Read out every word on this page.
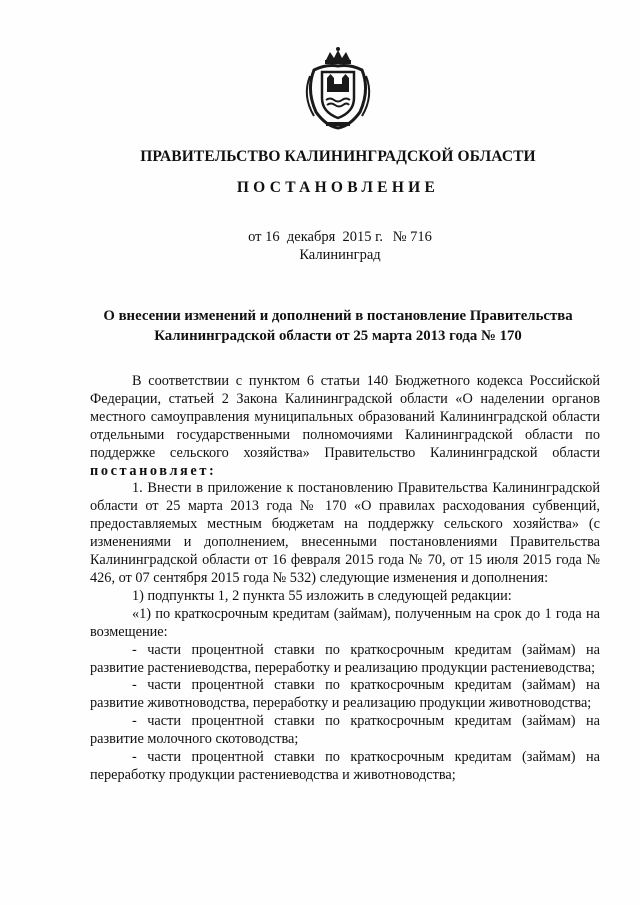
ПРАВИТЕЛЬСТВО КАЛИНИНГРАДСКОЙ ОБЛАСТИ
ПОСТАНОВЛЕНИЕ
от 16  декабря  2015 г. № 716
Калининград
О внесении изменений и дополнений в постановление Правительства
Калининградской области от 25 марта 2013 года № 170

В соответствии с пунктом 6 статьи 140 Бюджетного кодекса Российской Федерации, статьей 2 Закона Калининградской области «О наделении органов местного самоуправления муниципальных образований Калининградской области отдельными государственными полномочиями Калининградской области по поддержке сельского хозяйства» Правительство Калининградской области постановляет:

1. Внести в приложение к постановлению Правительства Калининградской области от 25 марта 2013 года № 170 «О правилах расходования субвенций, предоставляемых местным бюджетам на поддержку сельского хозяйства» (с изменениями и дополнением, внесенными постановлениями Правительства Калининградской области от 16 февраля 2015 года № 70, от 15 июля 2015 года № 426, от 07 сентября 2015 года № 532) следующие изменения и дополнения:

1) подпункты 1, 2 пункта 55 изложить в следующей редакции:

«1) по краткосрочным кредитам (займам), полученным на срок до 1 года на возмещение:

- части процентной ставки по краткосрочным кредитам (займам) на развитие растениеводства, переработку и реализацию продукции растениеводства;

- части процентной ставки по краткосрочным кредитам (займам) на развитие животноводства, переработку и реализацию продукции животноводства;

- части процентной ставки по краткосрочным кредитам (займам) на развитие молочного скотоводства;

- части процентной ставки по краткосрочным кредитам (займам) на переработку продукции растениеводства и животноводства;
